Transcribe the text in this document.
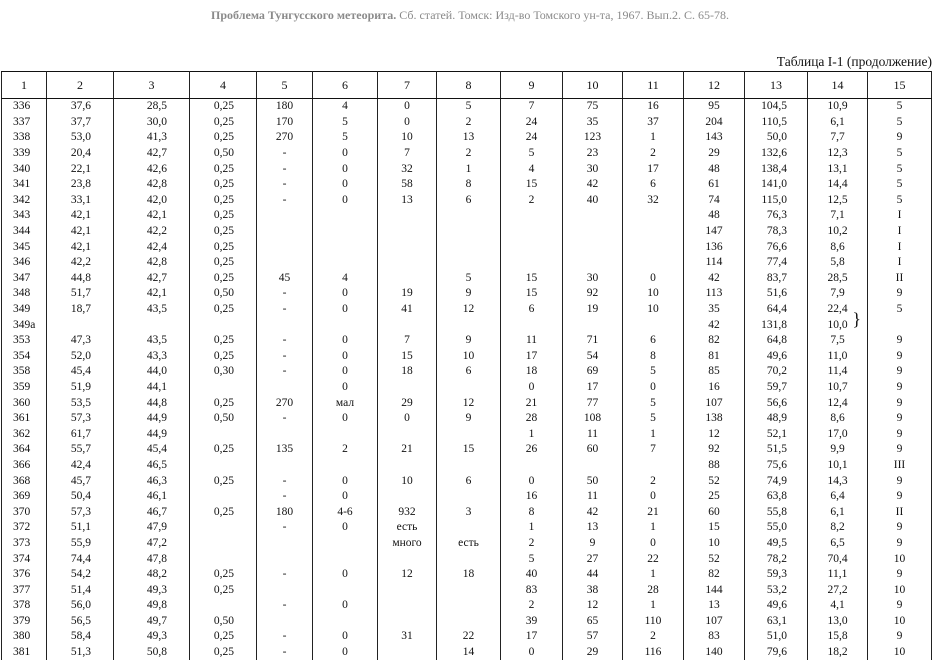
Проблема Тунгусского метеорита. Сб. статей. Томск: Изд-во Томского ун-та, 1967. Вып.2. С. 65-78.
Таблица I-1 (продолжение)
1	2	3	4	5	6	7	8	9	10	11	12	13	14	15
336	37,6	28,5	0,25	180	4	0	5	7	75	16	95	104,5	10,9	5
337	37,7	30,0	0,25	170	5	0	2	24	35	37	204	110,5	6,1	5
338	53,0	41,3	0,25	270	5	10	13	24	123	1	143	50,0	7,7	9
339	20,4	42,7	0,50	-	0	7	2	5	23	2	29	132,6	12,3	5
340	22,1	42,6	0,25	-	0	32	1	4	30	17	48	138,4	13,1	5
341	23,8	42,8	0,25	-	0	58	8	15	42	6	61	141,0	14,4	5
342	33,1	42,0	0,25	-	0	13	6	2	40	32	74	115,0	12,5	5
343	42,1	42,1	0,25								48	76,3	7,1	I
344	42,1	42,2	0,25								147	78,3	10,2	I
345	42,1	42,4	0,25								136	76,6	8,6	I
346	42,2	42,8	0,25								114	77,4	5,8	I
347	44,8	42,7	0,25	45	4		5	15	30	0	42	83,7	28,5	II
348	51,7	42,1	0,50	-	0	19	9	15	92	10	113	51,6	7,9	9
349	18,7	43,5	0,25	-	0	41	12	6	19	10	35	64,4	22,4 }	5
349а											42	131,8	10,0	
353	47,3	43,5	0,25	-	0	7	9	11	71	6	82	64,8	7,5	9
354	52,0	43,3	0,25	-	0	15	10	17	54	8	81	49,6	11,0	9
358	45,4	44,0	0,30	-	0	18	6	18	69	5	85	70,2	11,4	9
359	51,9	44,1			0			0	17	0	16	59,7	10,7	9
360	53,5	44,8	0,25	270	мал	29	12	21	77	5	107	56,6	12,4	9
361	57,3	44,9	0,50	-	0	0	9	28	108	5	138	48,9	8,6	9
362	61,7	44,9						1	11	1	12	52,1	17,0	9
364	55,7	45,4	0,25	135	2	21	15	26	60	7	92	51,5	9,9	9
366	42,4	46,5									88	75,6	10,1	III
368	45,7	46,3	0,25	-	0	10	6	0	50	2	52	74,9	14,3	9
369	50,4	46,1		-	0			16	11	0	25	63,8	6,4	9
370	57,3	46,7	0,25	180	4-6	932	3	8	42	21	60	55,8	6,1	II
372	51,1	47,9		-	0	есть		1	13	1	15	55,0	8,2	9
373	55,9	47,2				много	есть	2	9	0	10	49,5	6,5	9
374	74,4	47,8						5	27	22	52	78,2	70,4	10
376	54,2	48,2	0,25	-	0	12	18	40	44	1	82	59,3	11,1	9
377	51,4	49,3	0,25					83	38	28	144	53,2	27,2	10
378	56,0	49,8		-	0			2	12	1	13	49,6	4,1	9
379	56,5	49,7	0,50					39	65	110	107	63,1	13,0	10
380	58,4	49,3	0,25	-	0	31	22	17	57	2	83	51,0	15,8	9
381	51,3	50,8	0,25	-	0		14	0	29	116	140	79,6	18,2	10
